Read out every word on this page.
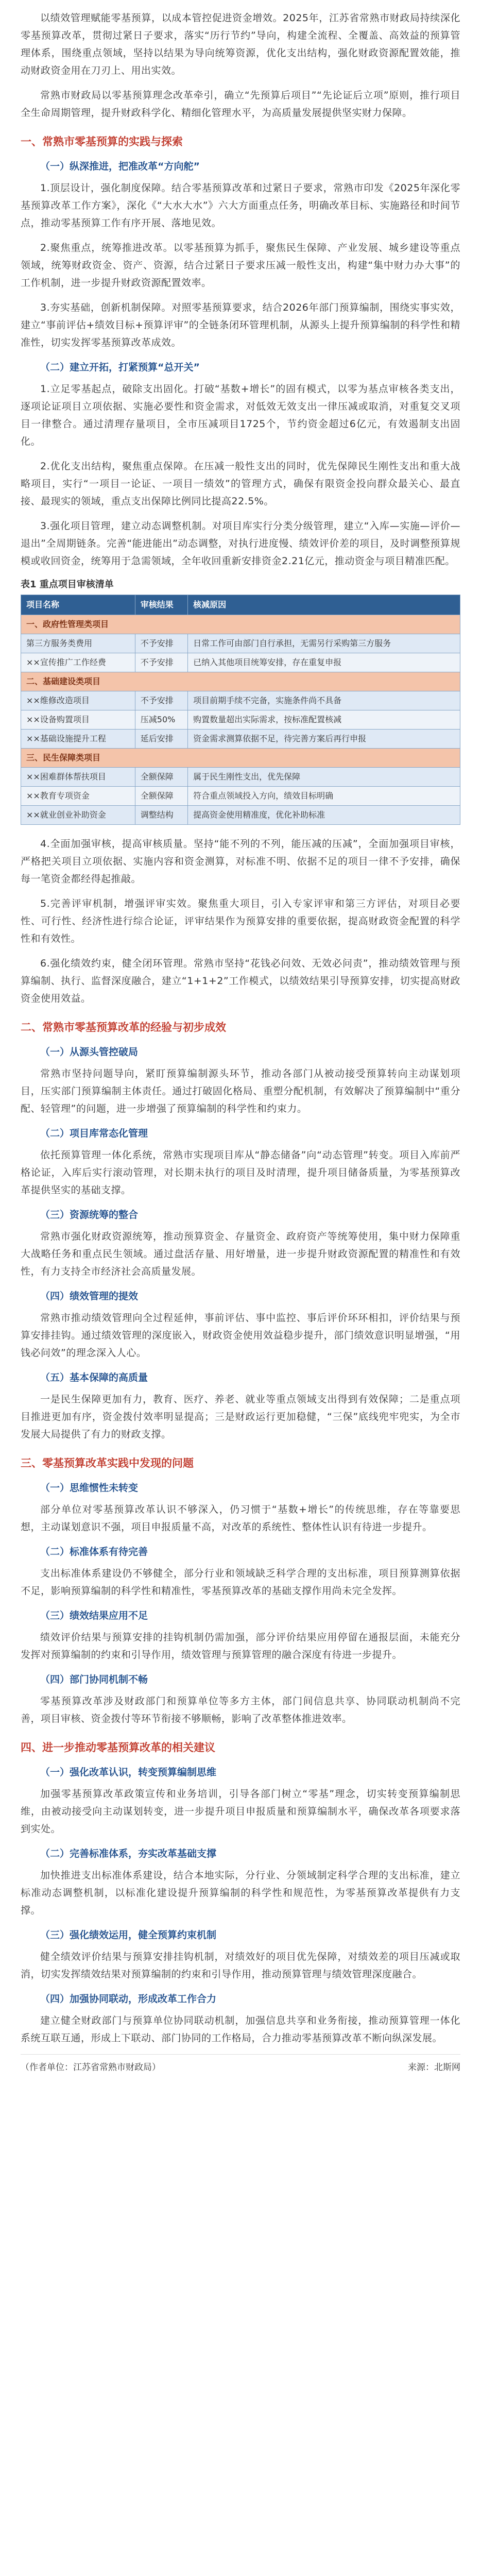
以绩效管理赋能零基预算，以成本管控促进资金增效。2025年，江苏省常熟市财政局持续深化零基预算改革，贯彻过紧日子要求，落实“历行节约”导向，构建全流程、全覆盖、高效益的预算管理体系，围绕重点领域，坚持以结果为导向统筹资源，优化支出结构，强化财政资源配置效能，推动财政资金用在刀刃上、用出实效。

常熟市财政局以零基预算理念改革牵引，确立“先预算后项目”“先论证后立项”原则，推行项目全生命周期管理，提升财政科学化、精细化管理水平，为高质量发展提供坚实财力保障。

一、常熟市零基预算的实践与探索
（一）纵深推进，把准改革“方向舵”

1.顶层设计，强化制度保障。结合零基预算改革和过紧日子要求，常熟市印发《2025年深化零基预算改革工作方案》，深化《“大水大水”》六大方面重点任务，明确改革目标、实施路径和时间节点，推动零基预算工作有序开展、落地见效。

2.聚焦重点，统筹推进改革。以零基预算为抓手，聚焦民生保障、产业发展、城乡建设等重点领域，统筹财政资金、资产、资源，结合过紧日子要求压减一般性支出，构建“集中财力办大事”的工作机制，进一步提升财政资源配置效率。

3.夯实基础，创新机制保障。对照零基预算要求，结合2026年部门预算编制，围绕实事实效，建立“事前评估+绩效目标+预算评审”的全链条闭环管理机制，从源头上提升预算编制的科学性和精准性，切实发挥零基预算改革成效。

（二）建立开拓，打紧预算“总开关”

1.立足零基起点，破除支出固化。打破“基数+增长”的固有模式，以零为基点审核各类支出，逐项论证项目立项依据、实施必要性和资金需求，对低效无效支出一律压减或取消，对重复交叉项目一律整合。通过清理存量项目，全市压减项目1725个，节约资金超过6亿元，有效遏制支出固化。

2.优化支出结构，聚焦重点保障。在压减一般性支出的同时，优先保障民生刚性支出和重大战略项目，实行“一项目一论证、一项目一绩效”的管理方式，确保有限资金投向群众最关心、最直接、最现实的领域，重点支出保障比例同比提高22.5%。

3.强化项目管理，建立动态调整机制。对项目库实行分类分级管理，建立“入库—实施—评价—退出”全周期链条。完善“能进能出”动态调整，对执行进度慢、绩效评价差的项目，及时调整预算规模或收回资金，统筹用于急需领域，全年收回重新安排资金2.21亿元，推动资金与项目精准匹配。

表1 重点项目审核清单
项目名称	审核结果	核减原因
一、政府性管理类项目		
第三方服务类费用	不予安排	日常工作可由部门自行承担，无需另行采购第三方服务
××宣传推广工作经费	不予安排	已纳入其他项目统筹安排，存在重复申报
二、基础建设类项目		
××维修改造项目	不予安排	项目前期手续不完备，实施条件尚不具备
××设备购置项目	压减50%	购置数量超出实际需求，按标准配置核减
××基础设施提升工程	延后安排	资金需求测算依据不足，待完善方案后再行申报
三、民生保障类项目		
××困难群体帮扶项目	全额保障	属于民生刚性支出，优先保障
××教育专项资金	全额保障	符合重点领域投入方向，绩效目标明确
××就业创业补助资金	调整结构	提高资金使用精准度，优化补助标准

4.全面加强审核，提高审核质量。坚持“能不列的不列，能压减的压减”，全面加强项目审核，严格把关项目立项依据、实施内容和资金测算，对标准不明、依据不足的项目一律不予安排，确保每一笔资金都经得起推敲。

5.完善评审机制，增强评审实效。聚焦重大项目，引入专家评审和第三方评估，对项目必要性、可行性、经济性进行综合论证，评审结果作为预算安排的重要依据，提高财政资金配置的科学性和有效性。

6.强化绩效约束，健全闭环管理。常熟市坚持“花钱必问效、无效必问责”，推动绩效管理与预算编制、执行、监督深度融合，建立“1+1+2”工作模式，以绩效结果引导预算安排，切实提高财政资金使用效益。

二、常熟市零基预算改革的经验与初步成效
（一）从源头管控破局

常熟市坚持问题导向，紧盯预算编制源头环节，推动各部门从被动接受预算转向主动谋划项目，压实部门预算编制主体责任。通过打破固化格局、重塑分配机制，有效解决了预算编制中“重分配、轻管理”的问题，进一步增强了预算编制的科学性和约束力。

（二）项目库常态化管理

依托预算管理一体化系统，常熟市实现项目库从“静态储备”向“动态管理”转变。项目入库前严格论证，入库后实行滚动管理，对长期未执行的项目及时清理，提升项目储备质量，为零基预算改革提供坚实的基础支撑。

（三）资源统筹的整合

常熟市强化财政资源统筹，推动预算资金、存量资金、政府资产等统筹使用，集中财力保障重大战略任务和重点民生领域。通过盘活存量、用好增量，进一步提升财政资源配置的精准性和有效性，有力支持全市经济社会高质量发展。

（四）绩效管理的提效

常熟市推动绩效管理向全过程延伸，事前评估、事中监控、事后评价环环相扣，评价结果与预算安排挂钩。通过绩效管理的深度嵌入，财政资金使用效益稳步提升，部门绩效意识明显增强，“用钱必问效”的理念深入人心。

（五）基本保障的高质量

一是民生保障更加有力，教育、医疗、养老、就业等重点领域支出得到有效保障；二是重点项目推进更加有序，资金拨付效率明显提高；三是财政运行更加稳健，“三保”底线兜牢兜实，为全市发展大局提供了有力的财政支撑。

三、零基预算改革实践中发现的问题
（一）思维惯性未转变

部分单位对零基预算改革认识不够深入，仍习惯于“基数+增长”的传统思维，存在等靠要思想，主动谋划意识不强，项目申报质量不高，对改革的系统性、整体性认识有待进一步提升。

（二）标准体系有待完善

支出标准体系建设仍不够健全，部分行业和领域缺乏科学合理的支出标准，项目预算测算依据不足，影响预算编制的科学性和精准性，零基预算改革的基础支撑作用尚未完全发挥。

（三）绩效结果应用不足

绩效评价结果与预算安排的挂钩机制仍需加强，部分评价结果应用停留在通报层面，未能充分发挥对预算编制的约束和引导作用，绩效管理与预算管理的融合深度有待进一步提升。

（四）部门协同机制不畅

零基预算改革涉及财政部门和预算单位等多方主体，部门间信息共享、协同联动机制尚不完善，项目审核、资金拨付等环节衔接不够顺畅，影响了改革整体推进效率。

四、进一步推动零基预算改革的相关建议
（一）强化改革认识，转变预算编制思维

加强零基预算改革政策宣传和业务培训，引导各部门树立“零基”理念，切实转变预算编制思维，由被动接受向主动谋划转变，进一步提升项目申报质量和预算编制水平，确保改革各项要求落到实处。

（二）完善标准体系，夯实改革基础支撑

加快推进支出标准体系建设，结合本地实际，分行业、分领域制定科学合理的支出标准，建立标准动态调整机制，以标准化建设提升预算编制的科学性和规范性，为零基预算改革提供有力支撑。

（三）强化绩效运用，健全预算约束机制

健全绩效评价结果与预算安排挂钩机制，对绩效好的项目优先保障，对绩效差的项目压减或取消，切实发挥绩效结果对预算编制的约束和引导作用，推动预算管理与绩效管理深度融合。

（四）加强协同联动，形成改革工作合力

建立健全财政部门与预算单位协同联动机制，加强信息共享和业务衔接，推动预算管理一体化系统互联互通，形成上下联动、部门协同的工作格局，合力推动零基预算改革不断向纵深发展。

（作者单位：江苏省常熟市财政局）	来源：北斯网
